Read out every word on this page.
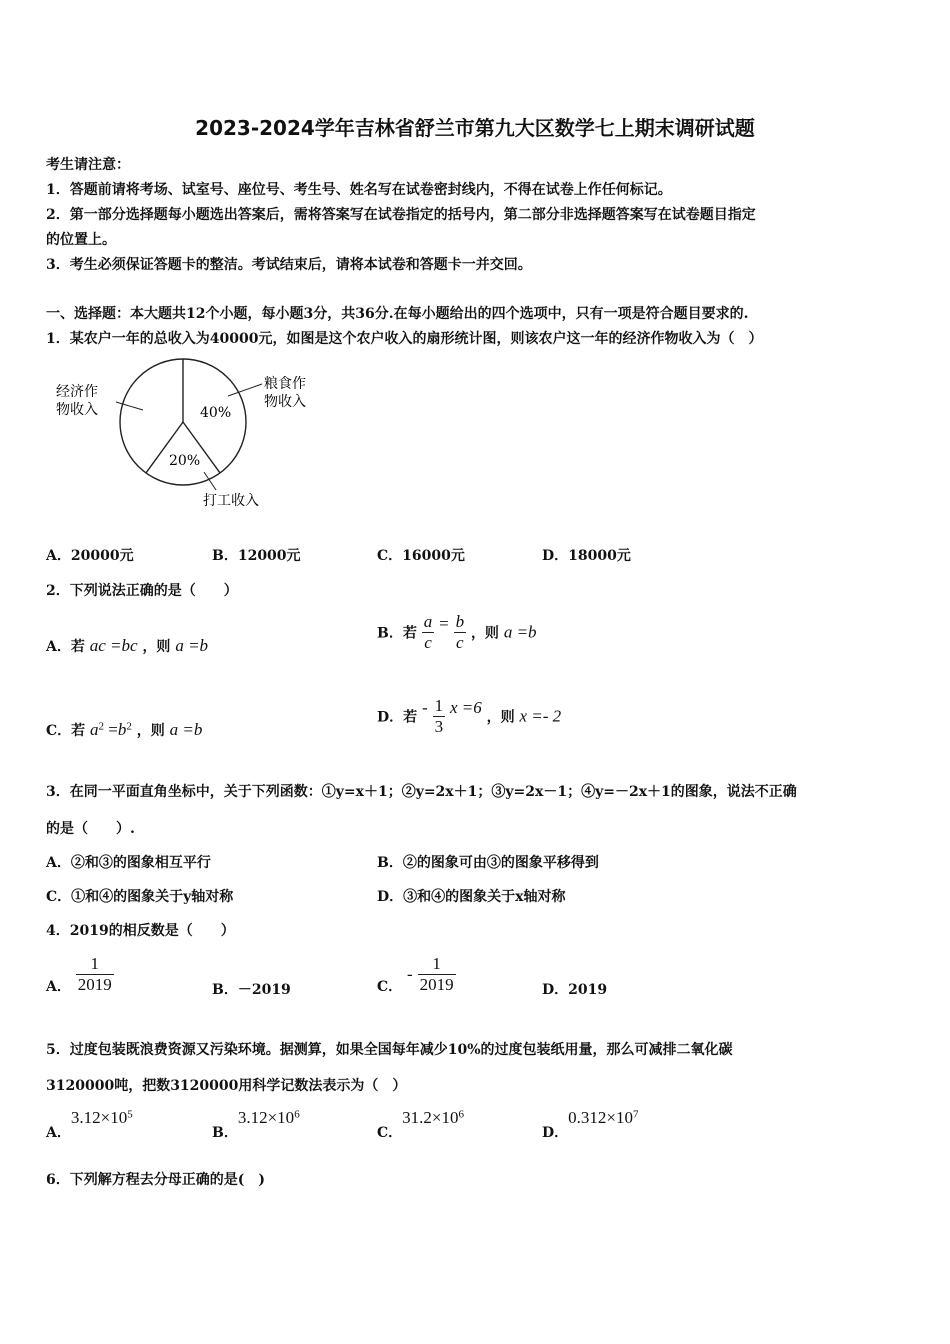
2023-2024学年吉林省舒兰市第九大区数学七上期末调研试题
考生请注意：
1．答题前请将考场、试室号、座位号、考生号、姓名写在试卷密封线内，不得在试卷上作任何标记。
2．第一部分选择题每小题选出答案后，需将答案写在试卷指定的括号内，第二部分非选择题答案写在试卷题目指定
的位置上。
3．考生必须保证答题卡的整洁。考试结束后，请将本试卷和答题卡一并交回。
一、选择题：本大题共12个小题，每小题3分，共36分.在每小题给出的四个选项中，只有一项是符合题目要求的.
1．某农户一年的总收入为40000元，如图是这个农户收入的扇形统计图，则该农户这一年的经济作物收入为（　）
经济作
物收入
粮食作
物收入
打工收入
40%
20%
A．20000元	B．12000元	C．16000元	D．18000元
2．下列说法正确的是（　　）
A．若 ac =bc ，则 a =b
B．若 $\frac{a}{c} = \frac{b}{c}$ ，则 a =b
C．若 $a^2 =b^2$ ，则 a =b
D．若 - $\frac{1}{3}$ x =6 ，则 x =- 2
3．在同一平面直角坐标中，关于下列函数：①y=x＋1；②y=2x＋1；③y=2x－1；④y=－2x＋1的图象，说法不正确
的是（　　）.
A．②和③的图象相互平行	B．②的图象可由③的图象平移得到
C．①和④的图象关于y轴对称	D．③和④的图象关于x轴对称
4．2019的相反数是（　　）
A． $\frac{1}{2019}$	B．－2019	C． - $\frac{1}{2019}$	D．2019
5．过度包装既浪费资源又污染环境。据测算，如果全国每年减少10%的过度包装纸用量，那么可减排二氧化碳
3120000吨，把数3120000用科学记数法表示为（　）
A．$3.12\times 10^5$
B．$3.12\times 10^6$
C．$31.2\times 10^6$
D．$0.312\times 10^7$
6．下列解方程去分母正确的是(　)
